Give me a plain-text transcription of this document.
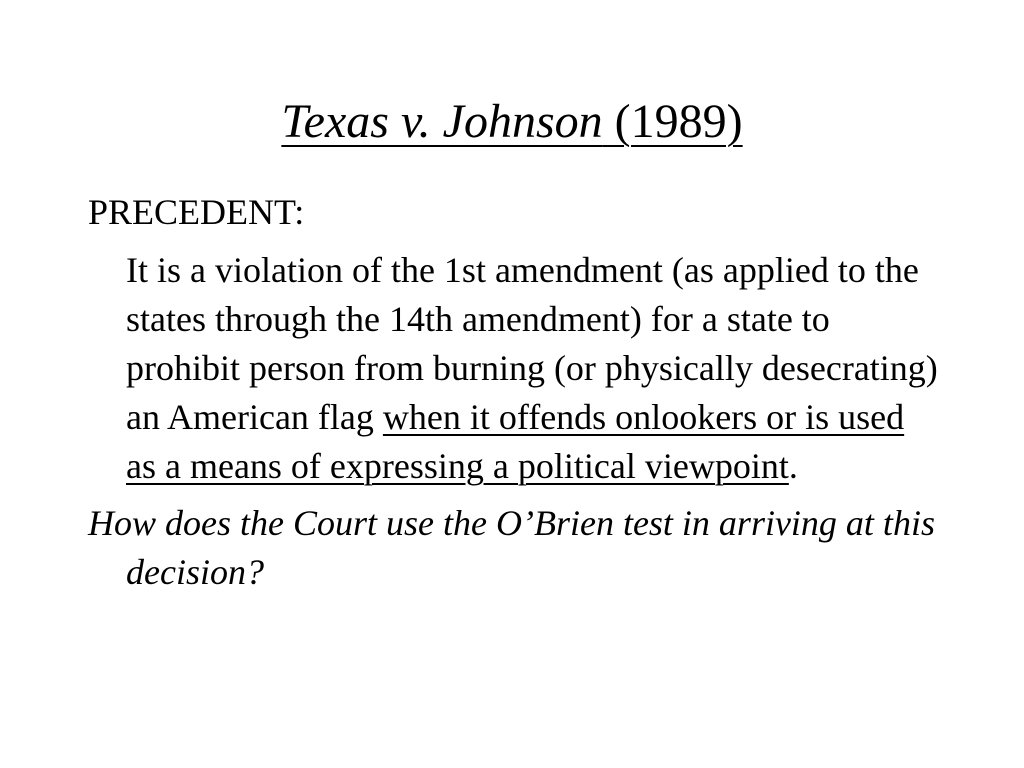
Texas v. Johnson (1989)

PRECEDENT:

It is a violation of the 1st amendment (as applied to the states through the 14th amendment) for a state to prohibit person from burning (or physically desecrating) an American flag when it offends onlookers or is used as a means of expressing a political viewpoint.

How does the Court use the O’Brien test in arriving at this decision?
